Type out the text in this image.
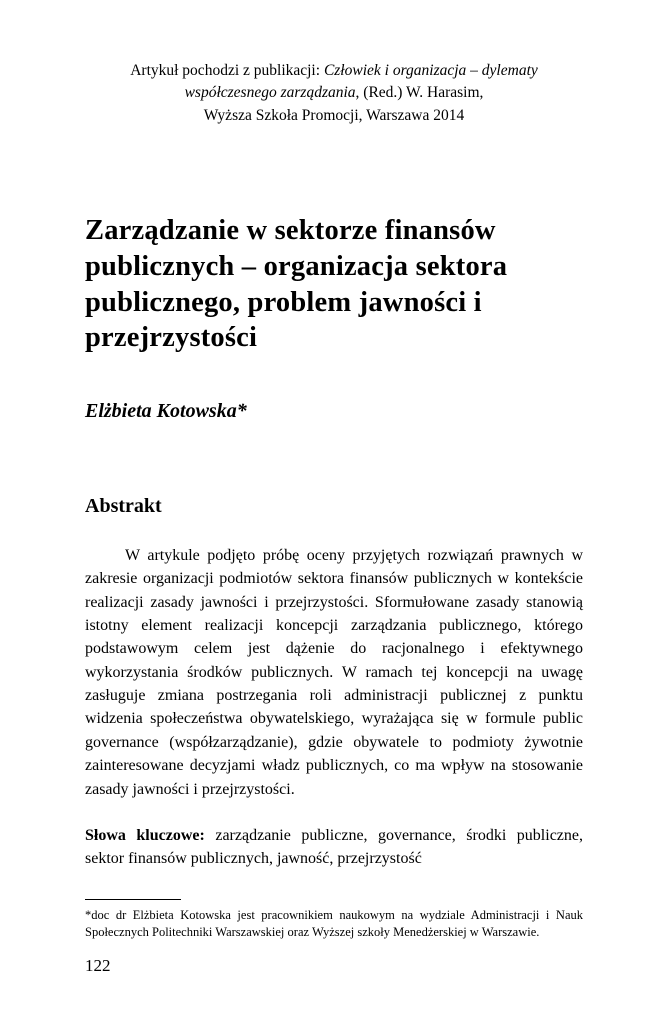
Artykuł pochodzi z publikacji: Człowiek i organizacja – dylematy współczesnego zarządzania, (Red.) W. Harasim,
Wyższa Szkoła Promocji, Warszawa 2014

Zarządzanie w sektorze finansów publicznych – organizacja sektora publicznego, problem jawności i przejrzystości

Elżbieta Kotowska*

Abstrakt

W artykule podjęto próbę oceny przyjętych rozwiązań prawnych w zakresie organizacji podmiotów sektora finansów publicznych w kontekście realizacji zasady jawności i przejrzystości. Sformułowane zasady stanowią istotny element realizacji koncepcji zarządzania publicznego, którego podstawowym celem jest dążenie do racjonalnego i efektywnego wykorzystania środków publicznych. W ramach tej koncepcji na uwagę zasługuje zmiana postrzegania roli administracji publicznej z punktu widzenia społeczeństwa obywatelskiego, wyrażająca się w formule public governance (współzarządzanie), gdzie obywatele to podmioty żywotnie zainteresowane decyzjami władz publicznych, co ma wpływ na stosowanie zasady jawności i przejrzystości.

Słowa kluczowe: zarządzanie publiczne, governance, środki publiczne, sektor finansów publicznych, jawność, przejrzystość

*doc dr Elżbieta Kotowska jest pracownikiem naukowym na wydziale Administracji i Nauk Społecznych Politechniki Warszawskiej oraz Wyższej szkoły Menedżerskiej w Warszawie.

122
